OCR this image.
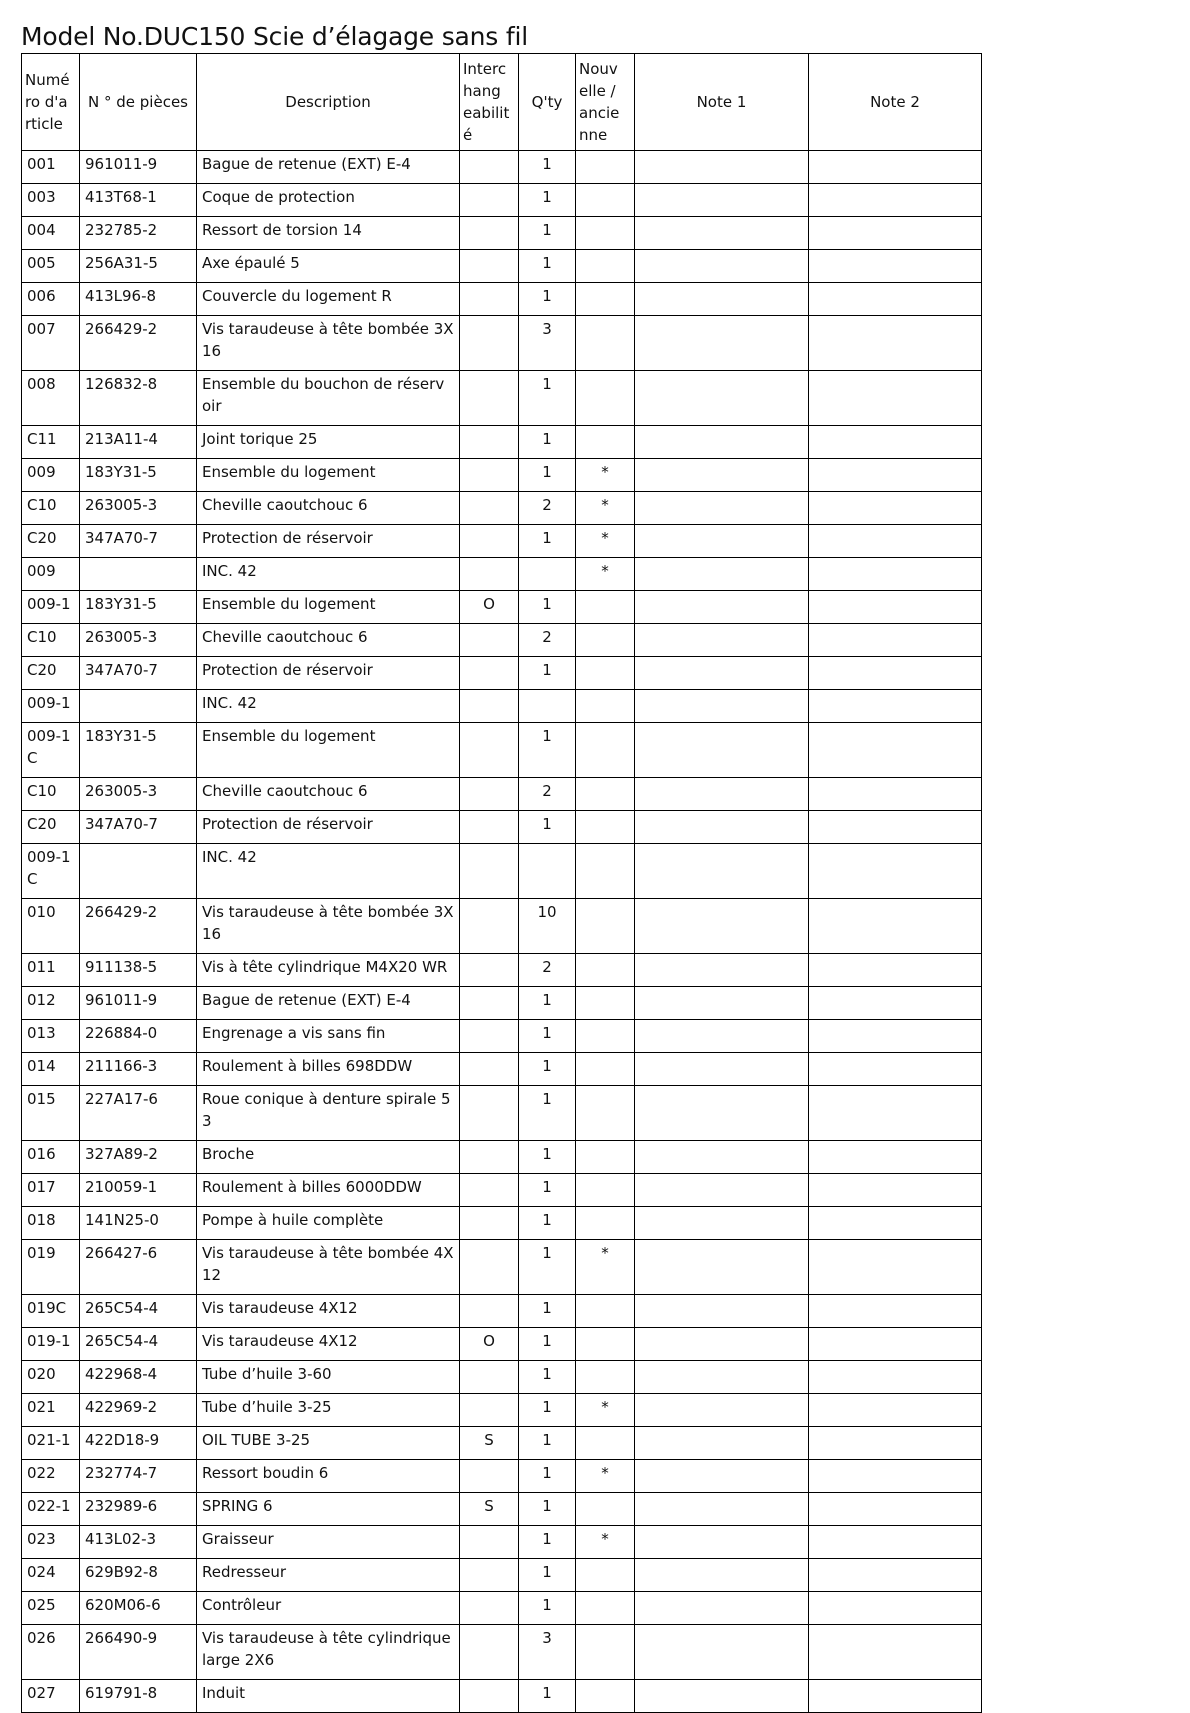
Model No.DUC150 Scie d’élagage sans fil
Numé ro d'a rticle	N ° de pièces	Description	Interc hang eabilit é	Q'ty	Nouv elle / ancie nne	Note 1	Note 2
001	961011-9	Bague de retenue (EXT) E-4		1			
003	413T68-1	Coque de protection		1			
004	232785-2	Ressort de torsion 14		1			
005	256A31-5	Axe épaulé 5		1			
006	413L96-8	Couvercle du logement R		1			
007	266429-2	Vis taraudeuse à tête bombée 3X 16		3			
008	126832-8	Ensemble du bouchon de réserv oir		1			
C11	213A11-4	Joint torique 25		1			
009	183Y31-5	Ensemble du logement		1	*		
C10	263005-3	Cheville caoutchouc 6		2	*		
C20	347A70-7	Protection de réservoir		1	*		
009		INC. 42			*		
009-1	183Y31-5	Ensemble du logement	O	1			
C10	263005-3	Cheville caoutchouc 6		2			
C20	347A70-7	Protection de réservoir		1			
009-1		INC. 42					
009-1 C	183Y31-5	Ensemble du logement		1			
C10	263005-3	Cheville caoutchouc 6		2			
C20	347A70-7	Protection de réservoir		1			
009-1 C		INC. 42					
010	266429-2	Vis taraudeuse à tête bombée 3X 16		10			
011	911138-5	Vis à tête cylindrique M4X20 WR		2			
012	961011-9	Bague de retenue (EXT) E-4		1			
013	226884-0	Engrenage a vis sans fin		1			
014	211166-3	Roulement à billes 698DDW		1			
015	227A17-6	Roue conique à denture spirale 5 3		1			
016	327A89-2	Broche		1			
017	210059-1	Roulement à billes 6000DDW		1			
018	141N25-0	Pompe à huile complète		1			
019	266427-6	Vis taraudeuse à tête bombée 4X 12		1	*		
019C	265C54-4	Vis taraudeuse 4X12		1			
019-1	265C54-4	Vis taraudeuse 4X12	O	1			
020	422968-4	Tube d’huile 3-60		1			
021	422969-2	Tube d’huile 3-25		1	*		
021-1	422D18-9	OIL TUBE 3-25	S	1			
022	232774-7	Ressort boudin 6		1	*		
022-1	232989-6	SPRING 6	S	1			
023	413L02-3	Graisseur		1	*		
024	629B92-8	Redresseur		1			
025	620M06-6	Contrôleur		1			
026	266490-9	Vis taraudeuse à tête cylindrique large 2X6		3			
027	619791-8	Induit		1			
